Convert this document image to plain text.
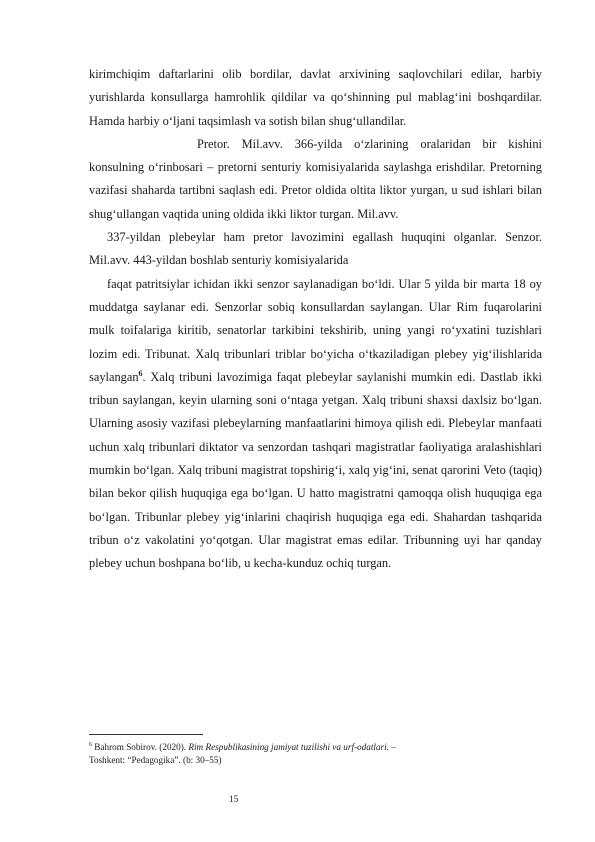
kirimchiqim daftarlarini olib bordilar, davlat arxivining saqlovchilari edilar, harbiy yurishlarda konsullarga hamrohlik qildilar va qo‘shinning pul mablag‘ini boshqardilar. Hamda harbiy o‘ljani taqsimlash va sotish bilan shug‘ullandilar.

Pretor. Mil.avv. 366-yilda o‘zlarining oralaridan bir kishini konsulning o‘rinbosari – pretorni senturiy komisiyalarida saylashga erishdilar. Pretorning vazifasi shaharda tartibni saqlash edi. Pretor oldida oltita liktor yurgan, u sud ishlari bilan shug‘ullangan vaqtida uning oldida ikki liktor turgan. Mil.avv.

337-yildan plebeylar ham pretor lavozimini egallash huquqini olganlar. Senzor. Mil.avv. 443-yildan boshlab senturiy komisiyalarida

faqat patritsiylar ichidan ikki senzor saylanadigan bo‘ldi. Ular 5 yilda bir marta 18 oy muddatga saylanar edi. Senzorlar sobiq konsullardan saylangan. Ular Rim fuqarolarini mulk toifalariga kiritib, senatorlar tarkibini tekshirib, uning yangi ro‘yxatini tuzishlari lozim edi. Tribunat. Xalq tribunlari triblar bo‘yicha o‘tkaziladigan plebey yig‘ilishlarida saylangan$^6$. Xalq tribuni lavozimiga faqat plebeylar saylanishi mumkin edi. Dastlab ikki tribun saylangan, keyin ularning soni o‘ntaga yetgan. Xalq tribuni shaxsi daxlsiz bo‘lgan. Ularning asosiy vazifasi plebeylarning manfaatlarini himoya qilish edi. Plebeylar manfaati uchun xalq tribunlari diktator va senzordan tashqari magistratlar faoliyatiga aralashishlari mumkin bo‘lgan. Xalq tribuni magistrat topshirig‘i, xalq yig‘ini, senat qarorini Veto (taqiq) bilan bekor qilish huquqiga ega bo‘lgan. U hatto magistratni qamoqqa olish huquqiga ega bo‘lgan. Tribunlar plebey yig‘inlarini chaqirish huquqiga ega edi. Shahardan tashqarida tribun o‘z vakolatini yo‘qotgan. Ular magistrat emas edilar. Tribunning uyi har qanday plebey uchun boshpana bo‘lib, u kecha-kunduz ochiq turgan.

$^6$ Bahrom Sobirov. (2020). Rim Respublikasining jamiyat tuzilishi va urf-odatlari. –
Toshkent: “Pedagogika”. (b: 30–55)
15
